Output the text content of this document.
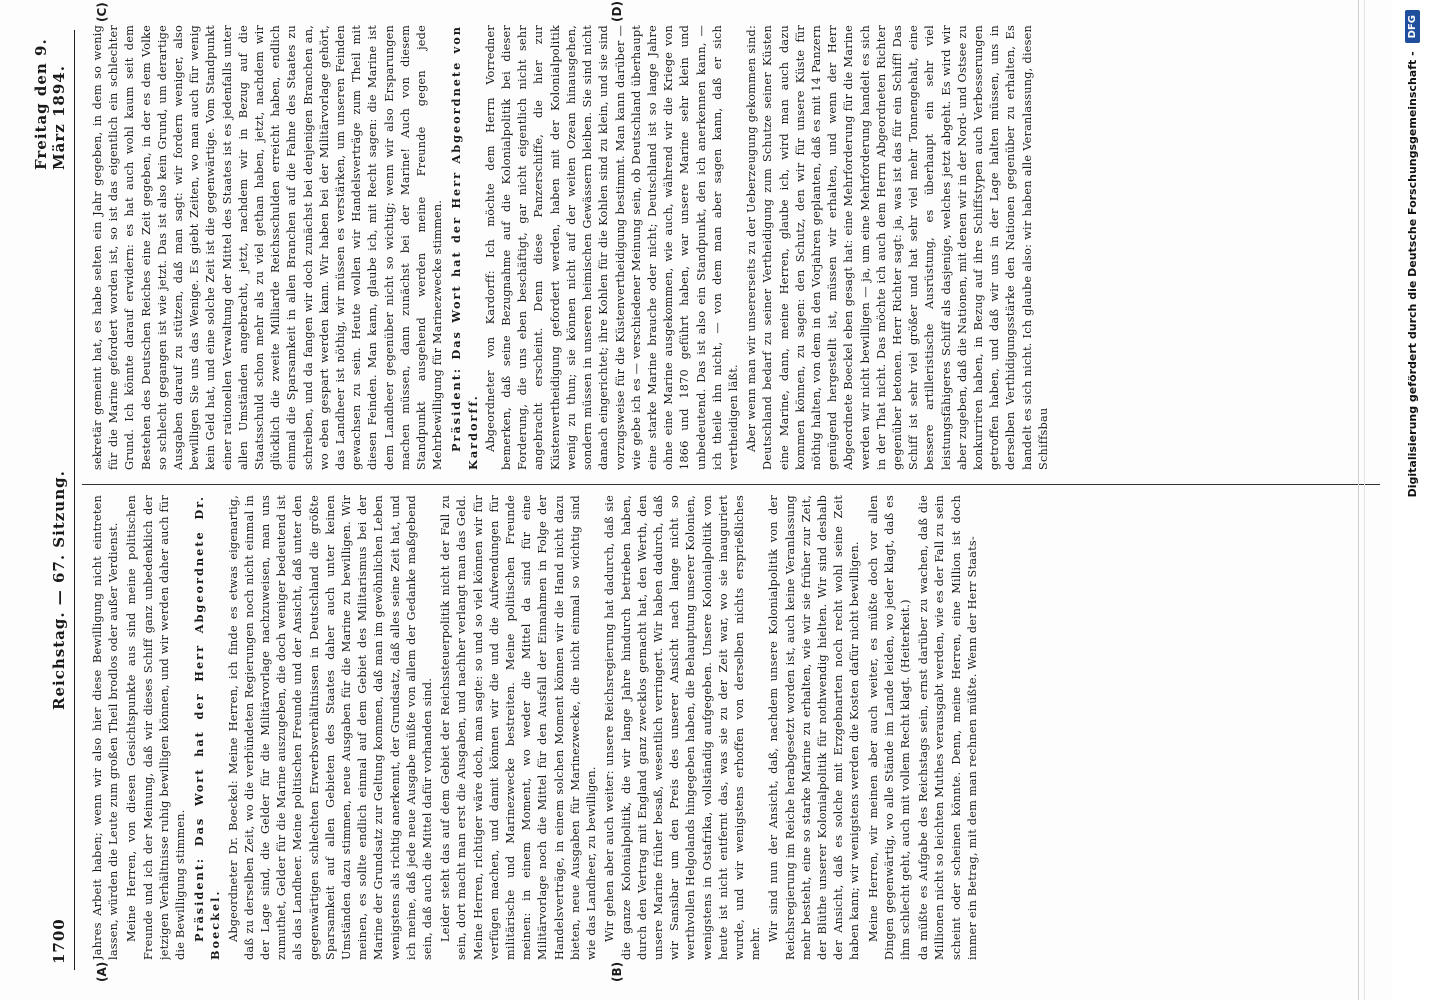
1700
Reichstag. — 67. Sitzung.
Freitag den 9. März 1894.
(A)	(B)
(C)	(D)

Jahres Arbeit haben; wenn wir also hier diese Bewilligung nicht eintreten lassen, würden die Leute zum großen Theil brodlos oder außer Verdienst. Meine Herren, von diesen Gesichtspunkte aus sind meine politischen Freunde und ich der Meinung, daß wir dieses Schiff ganz unbedenklich der jetzigen Verhältnisse ruhig bewilligen können, und wir werden daher auch für die Bewilligung stimmen. Präsident: Das Wort hat der Herr Abgeordnete Dr. Boeckel. Abgeordneter Dr. Boeckel: Meine Herren, ich finde es etwas eigenartig, daß zu derselben Zeit, wo die verbündeten Regierungen noch nicht einmal in der Lage sind, die Gelder für die Militärvorlage nachzuweisen, man uns zumuthet, Gelder für die Marine auszugeben, die doch weniger bedeutend ist als das Landheer. Meine politischen Freunde und der Ansicht, daß unter den gegenwärtigen schlechten Erwerbsverhältnissen in Deutschland die größte Sparsamkeit auf allen Gebieten des Staates daher auch unter keinen Umständen dazu stimmen, neue Ausgaben für die Marine zu bewilligen. Wir meinen, es sollte endlich einmal auf dem Gebiet des Militarismus bei der Marine der Grundsatz zur Geltung kommen, daß man im gewöhnlichen Leben wenigstens als richtig anerkennt, der Grundsatz, daß alles seine Zeit hat, und ich meine, daß jede neue Ausgabe müßte von allem der Gedanke maßgebend sein, daß auch die Mittel dafür vorhanden sind. Leider steht das auf dem Gebiet der Reichssteuerpolitik nicht der Fall zu sein, dort macht man erst die Ausgaben, und nachher verlangt man das Geld. Meine Herren, richtiger wäre doch, man sagte: so und so viel können wir für verfügen machen, und damit können wir die und die Aufwendungen für militärische und Marinezwecke bestreiten. Meine politischen Freunde meinen: in einem Moment, wo weder die Mittel da sind für eine Militärvorlage noch die Mittel für den Ausfall der Einnahmen in Folge der Handelsverträge, in einem solchen Moment können wir die Hand nicht dazu bieten, neue Ausgaben für Marinezwecke, die nicht einmal so wichtig sind wie das Landheer, zu bewilligen. Wir gehen aber auch weiter: unsere Reichsregierung hat dadurch, daß sie die ganze Kolonialpolitik, die wir lange Jahre hindurch betrieben haben, durch den Vertrag mit England ganz zwecklos gemacht hat, den Werth, den unsere Marine früher besaß, wesentlich verringert. Wir haben dadurch, daß wir Sansibar um den Preis des unserer Ansicht nach lange nicht so werthvollen Helgolands hingegeben haben, die Behauptung unserer Kolonien, wenigstens in Ostafrika, vollständig aufgegeben. Unsere Kolonialpolitik von heute ist nicht entfernt das, was sie zu der Zeit war, wo sie inauguriert wurde, und wir wenigstens erhoffen von derselben nichts ersprießliches mehr.

Wir sind nun der Ansicht, daß, nachdem unsere Kolonialpolitik von der Reichsregierung im Reiche herabgesetzt worden ist, auch keine Veranlassung mehr besteht, eine so starke Marine zu erhalten, wie wir sie früher zur Zeit, der Blüthe unserer Kolonialpolitik für nothwendig hielten. Wir sind deshalb der Ansicht, daß es solche mit Erzgebnarten noch recht wohl seine Zeit haben kann; wir wenigstens werden die Kosten dafür nicht bewilligen. Meine Herren, wir meinen aber auch weiter, es müßte doch vor allen Dingen gegenwärtig, wo alle Stände im Lande leiden, wo jeder klagt, daß es ihm schlecht geht, auch mit vollem Recht klagt. (Heiterkeit.) da müßte es Aufgabe des Reichstags sein, ernst darüber zu wachen, daß die Millionen nicht so leichten Muthes verausgabt werden, wie es der Fall zu sein scheint oder scheinen könnte. Denn, meine Herren, eine Million ist doch immer ein Betrag, mit dem man rechnen müßte. Wenn der Herr Staats-

sekretär gemeint hat, es habe selten ein Jahr gegeben, in dem so wenig für die Marine gefordert worden ist, so ist das eigentlich ein schlechter Grund. Ich könnte darauf erwidern: es hat auch wohl kaum seit dem Bestehen des Deutschen Reiches eine Zeit gegeben, in der es dem Volke so schlecht gegangen ist wie jetzt. Das ist also kein Grund, um derartige Ausgaben darauf zu stützen, daß man sagt: wir fordern weniger, also bewilligen Sie uns das Wenige. Es giebt Zeiten, wo man auch für wenig kein Geld hat, und eine solche Zeit ist die gegenwärtige. Vom Standpunkt einer rationellen Verwaltung der Mittel des Staates ist es jedenfalls unter allen Umständen angebracht, jetzt, nachdem wir in Bezug auf die Staatsschuld schon mehr als zu viel gethan haben, jetzt, nachdem wir glücklich die zweite Milliarde Reichsschulden erreicht haben, endlich einmal die Sparsamkeit in allen Branchen auf die Fahne des Staates zu schreiben, und da fangen wir doch zunächst bei denjenigen Branchen an, wo eben gespart werden kann. Wir haben bei der Militärvorlage gehört, das Landheer ist nöthig, wir müssen es verstärken, um unseren Feinden gewachsen zu sein. Heute wollen wir Handelsverträge zum Theil mit diesen Feinden. Man kann, glaube ich, mit Recht sagen: die Marine ist dem Landheer gegenüber nicht so wichtig; wenn wir also Ersparungen machen müssen, dann zunächst bei der Marine! Auch von diesem Standpunkt ausgehend werden meine Freunde gegen jede Mehrbewilligung für Marinezwecke stimmen. Präsident: Das Wort hat der Herr Abgeordnete von Kardorff. Abgeordneter von Kardorff: Ich möchte dem Herrn Vorredner bemerken, daß seine Bezugnahme auf die Kolonialpolitik bei dieser Forderung, die uns eben beschäftigt, gar nicht eigentlich nicht sehr angebracht erscheint. Denn diese Panzerschiffe, die hier zur Küstenvertheidigung gefordert werden, haben mit der Kolonialpolitik wenig zu thun; sie können nicht auf der weiten Ozean hinausgehen, sondern müssen in unseren heimischen Gewässern bleiben. Sie sind nicht danach eingerichtet; ihre Kohlen für die Kohlen sind zu klein, und sie sind vorzugsweise für die Küstenvertheidigung bestimmt. Man kann darüber — wie gebe ich es — verschiedener Meinung sein, ob Deutschland überhaupt eine starke Marine brauche oder nicht; Deutschland ist so lange Jahre ohne eine Marine ausgekommen, wie auch, während wir die Kriege von 1866 und 1870 geführt haben, war unsere Marine sehr klein und unbedeutend. Das ist also ein Standpunkt, den ich anerkennen kann, — ich theile ihn nicht, — von dem man aber sagen kann, daß er sich vertheidigen läßt. Aber wenn man wir unsererseits zu der Ueberzeugung gekommen sind: Deutschland bedarf zu seiner Vertheidigung zum Schutze seiner Küsten eine Marine, dann, meine Herren, glaube ich, wird man auch dazu kommen können, zu sagen: den Schutz, den wir für unsere Küste für nöthig halten, von dem in den Vorjahren geplanten, daß es mit 14 Panzern genügend hergestellt ist, müssen wir erhalten, und wenn der Herr Abgeordnete Boeckel eben gesagt hat: eine Mehrforderung für die Marine werden wir nicht bewilligen — ja, um eine Mehrforderung handelt es sich in der That nicht. Das möchte ich auch dem Herrn Abgeordneten Richter gegenüber betonen. Herr Richter sagt: ja, was ist das für ein Schiff! Das Schiff ist sehr viel größer und hat sehr viel mehr Tonnengehalt, eine bessere artilleristische Ausrüstung, es überhaupt ein sehr viel leistungsfähigeres Schiff als dasjenige, welches jetzt abgeht. Es wird wir aber zugeben, daß die Nationen, mit denen wir in der Nord- und Ostsee zu konkurriren haben, in Bezug auf ihre Schiffstypen auch Verbesserungen getroffen haben, und daß wir uns in der Lage halten müssen, uns in derselben Verthidigungsstärke den Nationen gegenüber zu erhalten, Es handelt es sich nicht. Ich glaube also: wir haben alle Veranlassung, diesen Schiffsbau	Digitalisierung gefördert durch die Deutsche Forschungsgemeinschaft -
DFG
